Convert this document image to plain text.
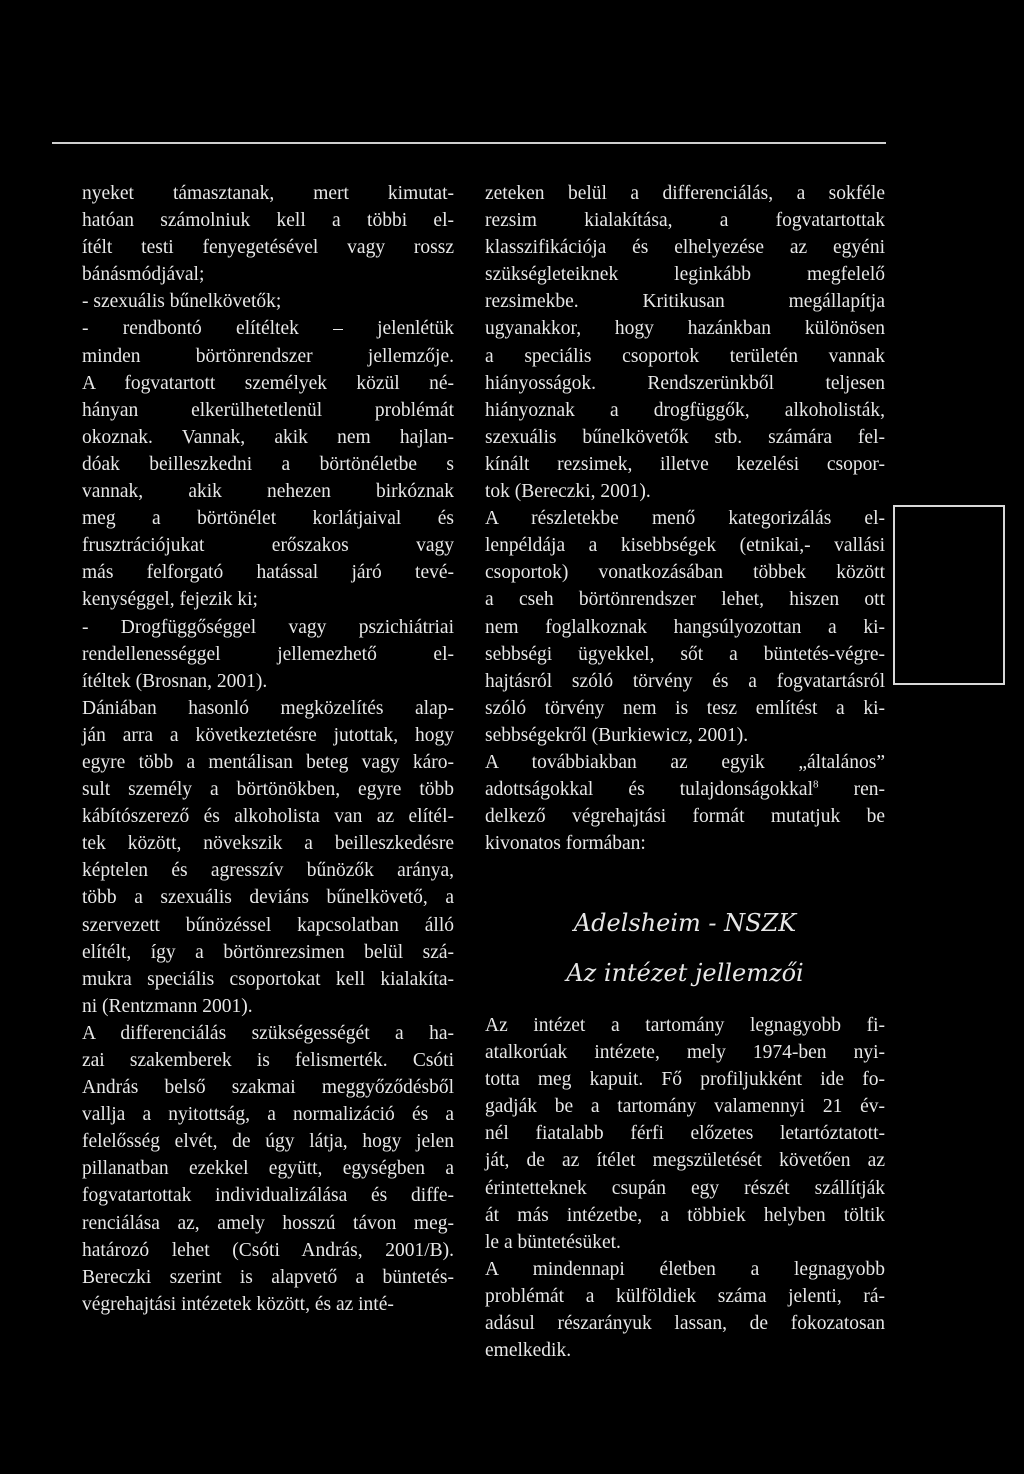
nyeket támasztanak, mert kimutat-
hatóan számolniuk kell a többi el-
ítélt testi fenyegetésével vagy rossz
bánásmódjával;
- szexuális bűnelkövetők;
- rendbontó elítéltek – jelenlétük
minden börtönrendszer jellemzője.
A fogvatartott személyek közül né-
hányan elkerülhetetlenül problémát
okoznak. Vannak, akik nem hajlan-
dóak beilleszkedni a börtönéletbe s
vannak, akik nehezen birkóznak
meg a börtönélet korlátjaival és
frusztrációjukat erőszakos vagy
más felforgató hatással járó tevé-
kenységgel, fejezik ki;
- Drogfüggőséggel vagy pszichiátriai
rendellenességgel jellemezhető el-
ítéltek (Brosnan, 2001).
Dániában hasonló megközelítés alap-
ján arra a következtetésre jutottak, hogy
egyre több a mentálisan beteg vagy káro-
sult személy a börtönökben, egyre több
kábítószerező és alkoholista van az elítél-
tek között, növekszik a beilleszkedésre
képtelen és agresszív bűnözők aránya,
több a szexuális deviáns bűnelkövető, a
szervezett bűnözéssel kapcsolatban álló
elítélt, így a börtönrezsimen belül szá-
mukra speciális csoportokat kell kialakíta-
ni (Rentzmann 2001).
A differenciálás szükségességét a ha-
zai szakemberek is felismerték. Csóti
András belső szakmai meggyőződésből
vallja a nyitottság, a normalizáció és a
felelősség elvét, de úgy látja, hogy jelen
pillanatban ezekkel együtt, egységben a
fogvatartottak individualizálása és diffe-
renciálása az, amely hosszú távon meg-
határozó lehet (Csóti András, 2001/B).
Bereczki szerint is alapvető a büntetés-
végrehajtási intézetek között, és az inté-
zeteken belül a differenciálás, a sokféle
rezsim kialakítása, a fogvatartottak
klasszifikációja és elhelyezése az egyéni
szükségleteiknek leginkább megfelelő
rezsimekbe. Kritikusan megállapítja
ugyanakkor, hogy hazánkban különösen
a speciális csoportok területén vannak
hiányosságok. Rendszerünkből teljesen
hiányoznak a drogfüggők, alkoholisták,
szexuális bűnelkövetők stb. számára fel-
kínált rezsimek, illetve kezelési csopor-
tok (Bereczki, 2001).
A részletekbe menő kategorizálás el-
lenpéldája a kisebbségek (etnikai,- vallási
csoportok) vonatkozásában többek között
a cseh börtönrendszer lehet, hiszen ott
nem foglalkoznak hangsúlyozottan a ki-
sebbségi ügyekkel, sőt a büntetés-végre-
hajtásról szóló törvény és a fogvatartásról
szóló törvény nem is tesz említést a ki-
sebbségekről (Burkiewicz, 2001).
A továbbiakban az egyik „általános”
adottságokkal és tulajdonságokkal$^8$ ren-
delkező végrehajtási formát mutatjuk be
kivonatos formában:
Adelsheim - NSZK
Az intézet jellemzői
Az intézet a tartomány legnagyobb fi-
atalkorúak intézete, mely 1974-ben nyi-
totta meg kapuit. Fő profiljukként ide fo-
gadják be a tartomány valamennyi 21 év-
nél fiatalabb férfi előzetes letartóztatott-
ját, de az ítélet megszületését követően az
érintetteknek csupán egy részét szállítják
át más intézetbe, a többiek helyben töltik
le a büntetésüket.
A mindennapi életben a legnagyobb
problémát a külföldiek száma jelenti, rá-
adásul részarányuk lassan, de fokozatosan
emelkedik.
